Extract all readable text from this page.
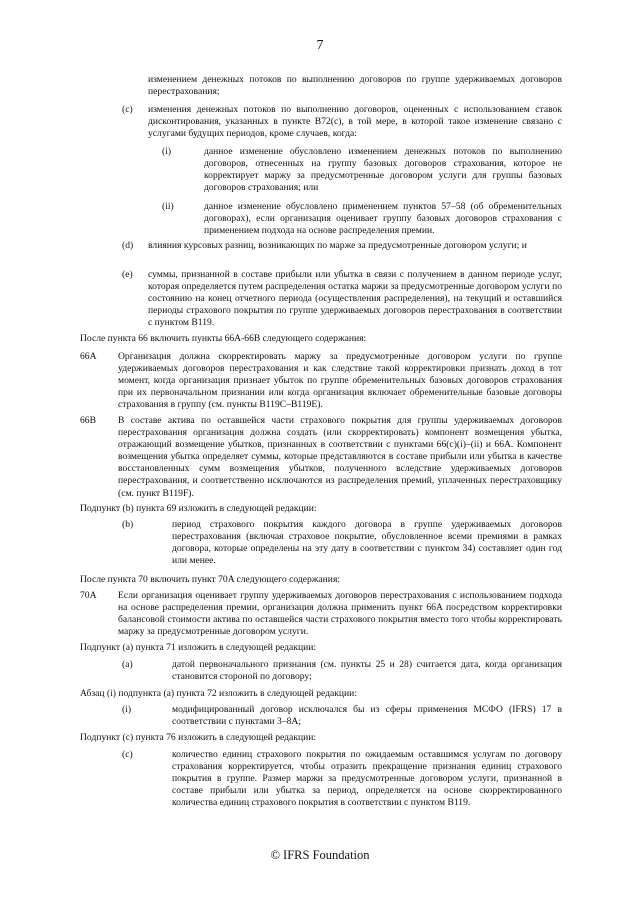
7
изменением денежных потоков по выполнению договоров по группе удерживаемых договоров перестрахования;
(c) изменения денежных потоков по выполнению договоров, оцененных с использованием ставок дисконтирования, указанных в пункте B72(c), в той мере, в которой такое изменение связано с услугами будущих периодов, кроме случаев, когда:
(i)	данное изменение обусловлено изменением денежных потоков по выполнению договоров, отнесенных на группу базовых договоров страхования, которое не корректирует маржу за предусмотренные договором услуги для группы базовых договоров страхования; или
(ii)	данное изменение обусловлено применением пунктов 57–58 (об обременительных договорах), если организация оценивает группу базовых договоров страхования с применением подхода на основе распределения премии.
(d) влияния курсовых разниц, возникающих по марже за предусмотренные договором услуги; и
(e) суммы, признанной в составе прибыли или убытка в связи с получением в данном периоде услуг, которая определяется путем распределения остатка маржи за предусмотренные договором услуги по состоянию на конец отчетного периода (осуществления распределения), на текущий и оставшийся периоды страхового покрытия по группе удерживаемых договоров перестрахования в соответствии с пунктом B119.
После пункта 66 включить пункты 66A-66B следующего содержания:
66A Организация должна скорректировать маржу за предусмотренные договором услуги по группе удерживаемых договоров перестрахования и как следствие такой корректировки признать доход в тот момент, когда организация признает убыток по группе обременительных базовых договоров страхования при их первоначальном признании или когда организация включает обременительные базовые договоры страхования в группу (см. пункты B119C–B119E).
66B В составе актива по оставшейся части страхового покрытия для группы удерживаемых договоров перестрахования организация должна создать (или скорректировать) компонент возмещения убытка, отражающий возмещение убытков, признанных в соответствии с пунктами 66(c)(i)–(ii) и 66A. Компонент возмещения убытка определяет суммы, которые представляются в составе прибыли или убытка в качестве восстановленных сумм возмещения убытков, полученного вследствие удерживаемых договоров перестрахования, и соответственно исключаются из распределения премий, уплаченных перестраховщику (см. пункт B119F).
Подпункт (b) пункта 69 изложить в следующей редакции:
(b)	период страхового покрытия каждого договора в группе удерживаемых договоров перестрахования (включая страховое покрытие, обусловленное всеми премиями в рамках договора, которые определены на эту дату в соответствии с пунктом 34) составляет один год или менее.
После пункта 70 включить пункт 70A следующего содержания:
70A Если организация оценивает группу удерживаемых договоров перестрахования с использованием подхода на основе распределения премии, организация должна применить пункт 66A посредством корректировки балансовой стоимости актива по оставшейся части страхового покрытия вместо того чтобы корректировать маржу за предусмотренные договором услуги.
Подпункт (a) пункта 71 изложить в следующей редакции:
(a)	датой первоначального признания (см. пункты 25 и 28) считается дата, когда организация становится стороной по договору;
Абзац (i) подпункта (a) пункта 72 изложить в следующей редакции:
(i)	модифицированный договор исключался бы из сферы применения МСФО (IFRS) 17 в соответствии с пунктами 3–8A;
Подпункт (c) пункта 76 изложить в следующей редакции:
(c)	количество единиц страхового покрытия по ожидаемым оставшимся услугам по договору страхования корректируется, чтобы отразить прекращение признания единиц страхового покрытия в группе. Размер маржи за предусмотренные договором услуги, признанной в составе прибыли или убытка за период, определяется на основе скорректированного количества единиц страхового покрытия в соответствии с пунктом B119.
© IFRS Foundation
